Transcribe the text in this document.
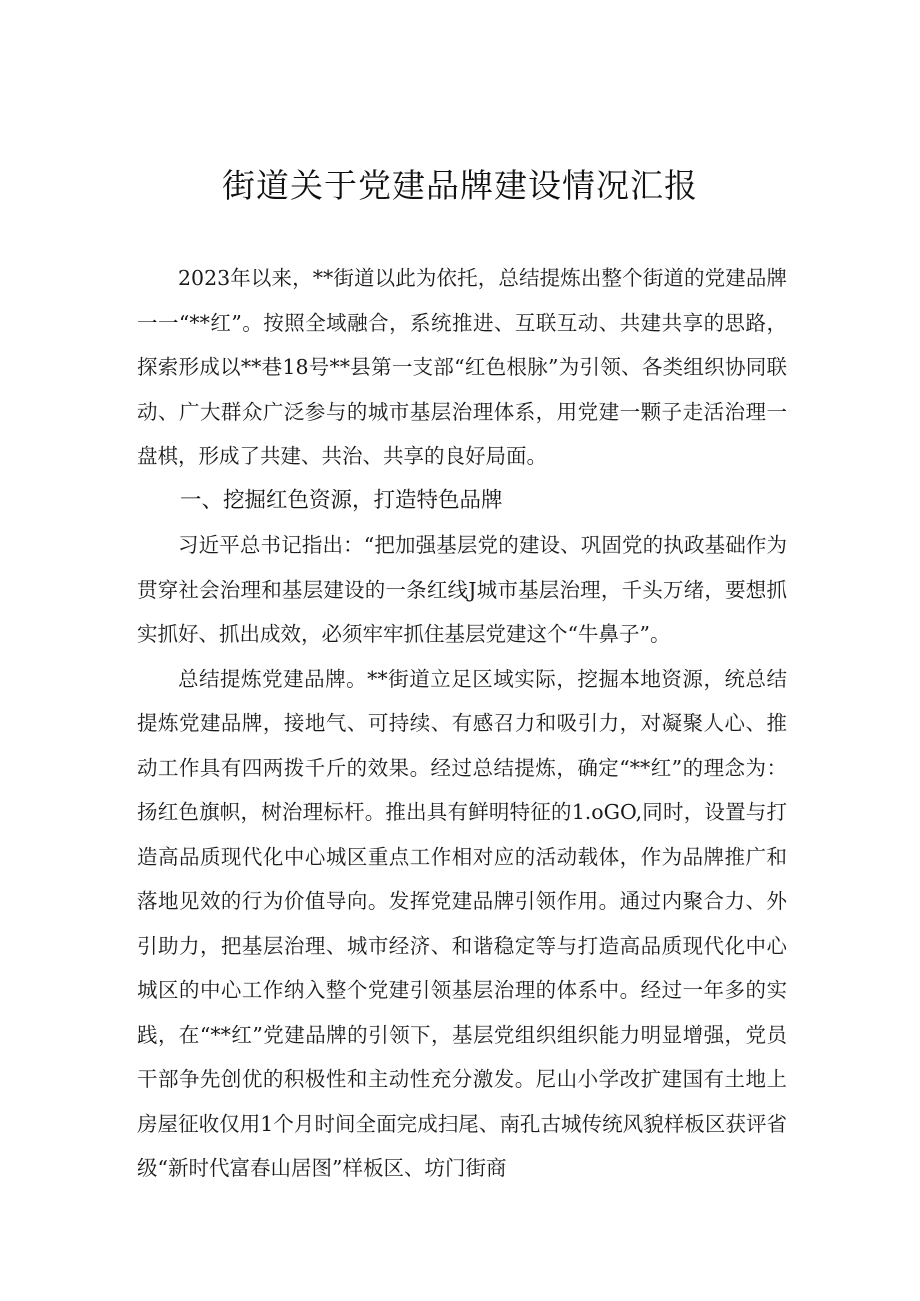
街道关于党建品牌建设情况汇报

2023年以来，**街道以此为依托，总结提炼出整个街道的党建品牌一一“**红”。按照全域融合，系统推进、互联互动、共建共享的思路，探索形成以**巷18号**县第一支部“红色根脉”为引领、各类组织协同联动、广大群众广泛参与的城市基层治理体系，用党建一颗子走活治理一盘棋，形成了共建、共治、共享的良好局面。

一、挖掘红色资源，打造特色品牌

习近平总书记指出：“把加强基层党的建设、巩固党的执政基础作为贯穿社会治理和基层建设的一条红线J城市基层治理，千头万绪，要想抓实抓好、抓出成效，必须牢牢抓住基层党建这个“牛鼻子”。

总结提炼党建品牌。**街道立足区域实际，挖掘本地资源，统总结提炼党建品牌，接地气、可持续、有感召力和吸引力，对凝聚人心、推动工作具有四两拨千斤的效果。经过总结提炼，确定“**红”的理念为：扬红色旗帜，树治理标杆。推出具有鲜明特征的1.oGO,同时，设置与打造高品质现代化中心城区重点工作相对应的活动载体，作为品牌推广和落地见效的行为价值导向。发挥党建品牌引领作用。通过内聚合力、外引助力，把基层治理、城市经济、和谐稳定等与打造高品质现代化中心城区的中心工作纳入整个党建引领基层治理的体系中。经过一年多的实践，在“**红”党建品牌的引领下，基层党组织组织能力明显增强，党员干部争先创优的积极性和主动性充分激发。尼山小学改扩建国有土地上房屋征收仅用1个月时间全面完成扫尾、南孔古城传统风貌样板区获评省级“新时代富春山居图”样板区、坊门街商
